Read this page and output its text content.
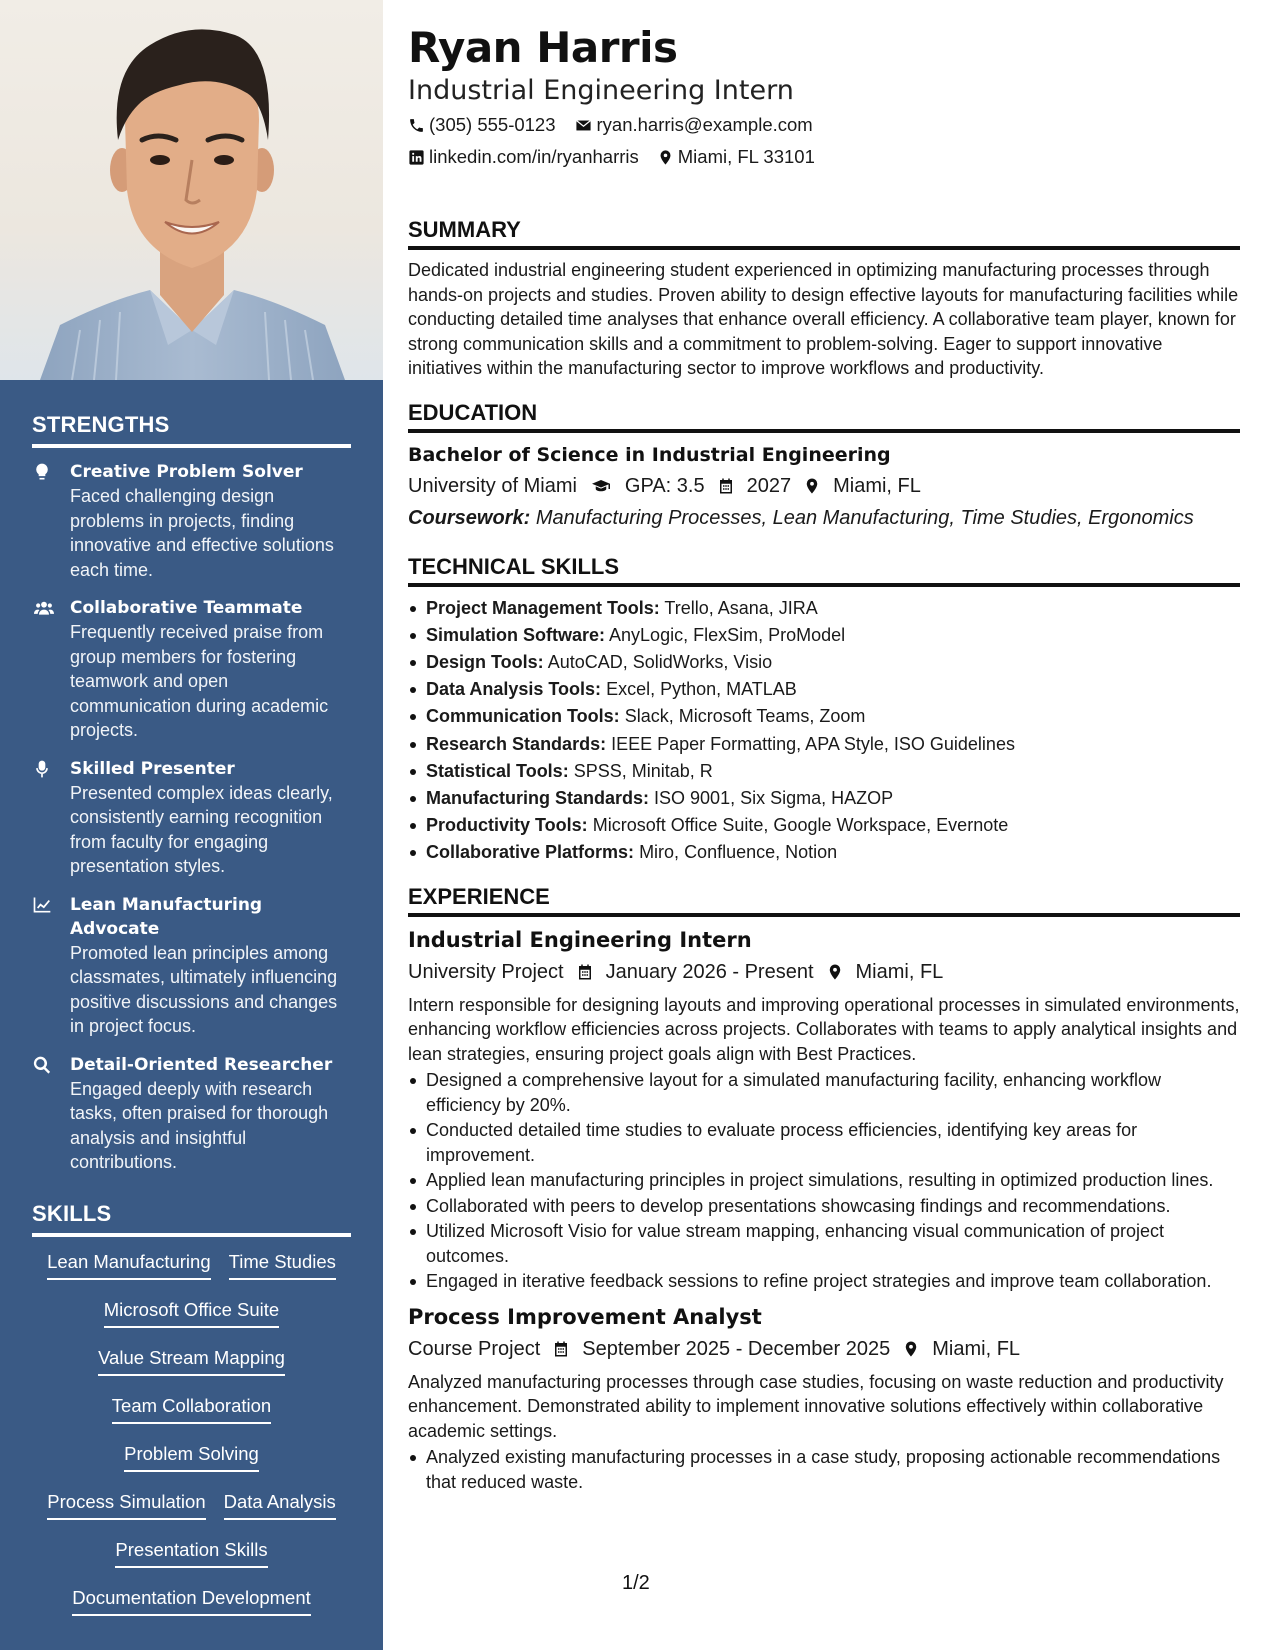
STRENGTHS
Creative Problem Solver
Faced challenging design problems in projects, finding innovative and effective solutions each time.
Collaborative Teammate
Frequently received praise from group members for fostering teamwork and open communication during academic projects.
Skilled Presenter
Presented complex ideas clearly, consistently earning recognition from faculty for engaging presentation styles.
Lean Manufacturing Advocate
Promoted lean principles among classmates, ultimately influencing positive discussions and changes in project focus.
Detail-Oriented Researcher
Engaged deeply with research tasks, often praised for thorough analysis and insightful contributions.
SKILLS
Lean Manufacturing Time Studies
Microsoft Office Suite
Value Stream Mapping
Team Collaboration
Problem Solving
Process Simulation Data Analysis
Presentation Skills
Documentation Development
Ryan Harris
Industrial Engineering Intern
(305) 555-0123 ryan.harris@example.com
linkedin.com/in/ryanharris Miami, FL 33101
SUMMARY
Dedicated industrial engineering student experienced in optimizing manufacturing processes through hands-on projects and studies. Proven ability to design effective layouts for manufacturing facilities while conducting detailed time analyses that enhance overall efficiency. A collaborative team player, known for strong communication skills and a commitment to problem-solving. Eager to support innovative initiatives within the manufacturing sector to improve workflows and productivity.
EDUCATION
Bachelor of Science in Industrial Engineering
University of Miami GPA: 3.5 2027 Miami, FL
Coursework: Manufacturing Processes, Lean Manufacturing, Time Studies, Ergonomics
TECHNICAL SKILLS
Project Management Tools: Trello, Asana, JIRA
Simulation Software: AnyLogic, FlexSim, ProModel
Design Tools: AutoCAD, SolidWorks, Visio
Data Analysis Tools: Excel, Python, MATLAB
Communication Tools: Slack, Microsoft Teams, Zoom
Research Standards: IEEE Paper Formatting, APA Style, ISO Guidelines
Statistical Tools: SPSS, Minitab, R
Manufacturing Standards: ISO 9001, Six Sigma, HAZOP
Productivity Tools: Microsoft Office Suite, Google Workspace, Evernote
Collaborative Platforms: Miro, Confluence, Notion
EXPERIENCE
Industrial Engineering Intern
University Project January 2026 - Present Miami, FL
Intern responsible for designing layouts and improving operational processes in simulated environments, enhancing workflow efficiencies across projects. Collaborates with teams to apply analytical insights and lean strategies, ensuring project goals align with Best Practices.
Designed a comprehensive layout for a simulated manufacturing facility, enhancing workflow efficiency by 20%.
Conducted detailed time studies to evaluate process efficiencies, identifying key areas for improvement.
Applied lean manufacturing principles in project simulations, resulting in optimized production lines.
Collaborated with peers to develop presentations showcasing findings and recommendations.
Utilized Microsoft Visio for value stream mapping, enhancing visual communication of project outcomes.
Engaged in iterative feedback sessions to refine project strategies and improve team collaboration.
Process Improvement Analyst
Course Project September 2025 - December 2025 Miami, FL
Analyzed manufacturing processes through case studies, focusing on waste reduction and productivity enhancement. Demonstrated ability to implement innovative solutions effectively within collaborative academic settings.
Analyzed existing manufacturing processes in a case study, proposing actionable recommendations that reduced waste.
1/2
